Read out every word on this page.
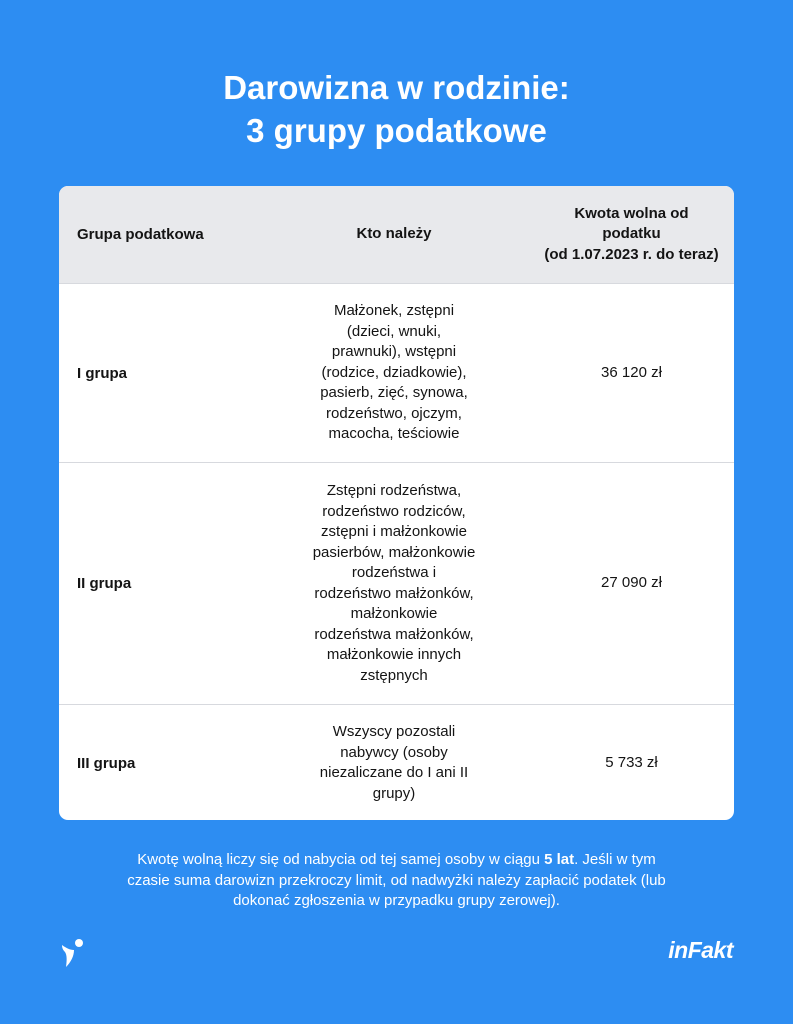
Darowizna w rodzinie:
3 grupy podatkowe
Grupa podatkowa	Kto należy
Kwota wolna od
podatku
(od 1.07.2023 r. do teraz)
I grupa
Małżonek, zstępni
(dzieci, wnuki,
prawnuki), wstępni
(rodzice, dziadkowie),
pasierb, zięć, synowa,
rodzeństwo, ojczym,
macocha, teściowie
36 120 zł
II grupa
Zstępni rodzeństwa,
rodzeństwo rodziców,
zstępni i małżonkowie
pasierbów, małżonkowie
rodzeństwa i
rodzeństwo małżonków,
małżonkowie
rodzeństwa małżonków,
małżonkowie innych
zstępnych
27 090 zł
III grupa
Wszyscy pozostali
nabywcy (osoby
niezaliczane do I ani II
grupy)
5 733 zł
Kwotę wolną liczy się od nabycia od tej samej osoby w ciągu 5 lat. Jeśli w tym
czasie suma darowizn przekroczy limit, od nadwyżki należy zapłacić podatek (lub
dokonać zgłoszenia w przypadku grupy zerowej).
inFakt
